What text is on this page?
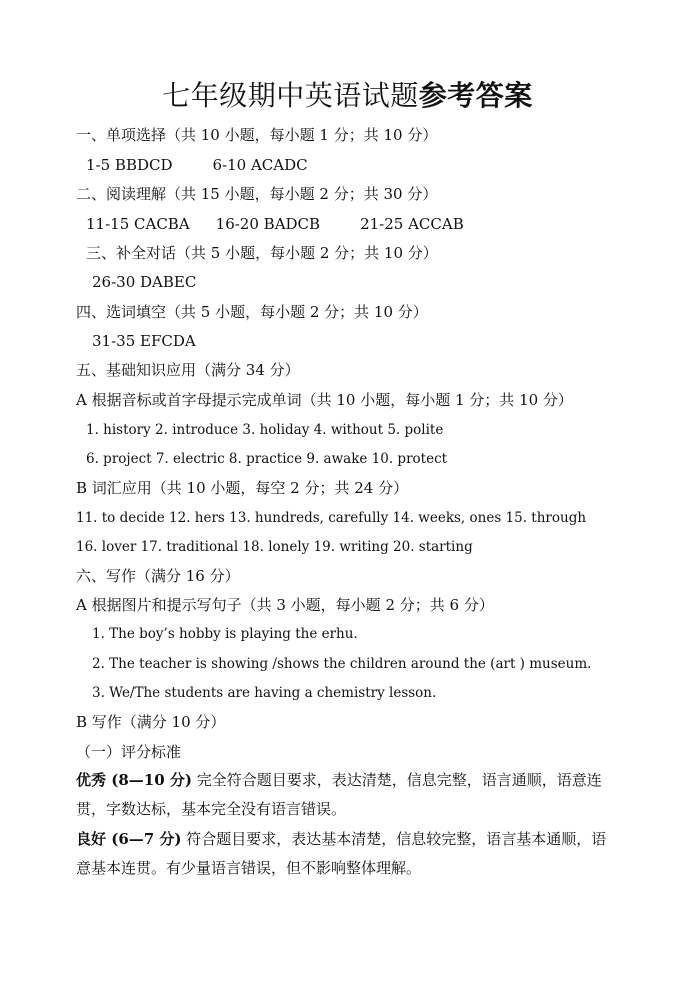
七年级期中英语试题参考答案
一、单项选择（共 10 小题，每小题 1 分；共 10 分）
1-5 BBDCD	6-10 ACADC
二、阅读理解（共 15 小题，每小题 2 分；共 30 分）
11-15 CACBA 16-20 BADCB	21-25 ACCAB
三、补全对话（共 5 小题，每小题 2 分；共 10 分）
26-30 DABEC
四、选词填空（共 5 小题，每小题 2 分；共 10 分）
31-35 EFCDA
五、基础知识应用（满分 34 分）
A 根据音标或首字母提示完成单词（共 10 小题，每小题 1 分；共 10 分）
1. history 2. introduce 3. holiday 4. without 5. polite
6. project 7. electric 8. practice 9. awake 10. protect
B 词汇应用（共 10 小题，每空 2 分；共 24 分）
11. to decide 12. hers 13. hundreds, carefully 14. weeks, ones 15. through
16. lover 17. traditional 18. lonely 19. writing 20. starting
六、写作（满分 16 分）
A 根据图片和提示写句子（共 3 小题，每小题 2 分；共 6 分）
1. The boy’s hobby is playing the erhu.
2. The teacher is showing /shows the children around the (art ) museum.
3. We/The students are having a chemistry lesson.
B 写作（满分 10 分）
（一）评分标准
优秀 (8—10 分) 完全符合题目要求，表达清楚，信息完整，语言通顺，语意连贯，字数达标，基本完全没有语言错误。
良好 (6—7 分) 符合题目要求，表达基本清楚，信息较完整，语言基本通顺，语意基本连贯。有少量语言错误，但不影响整体理解。
